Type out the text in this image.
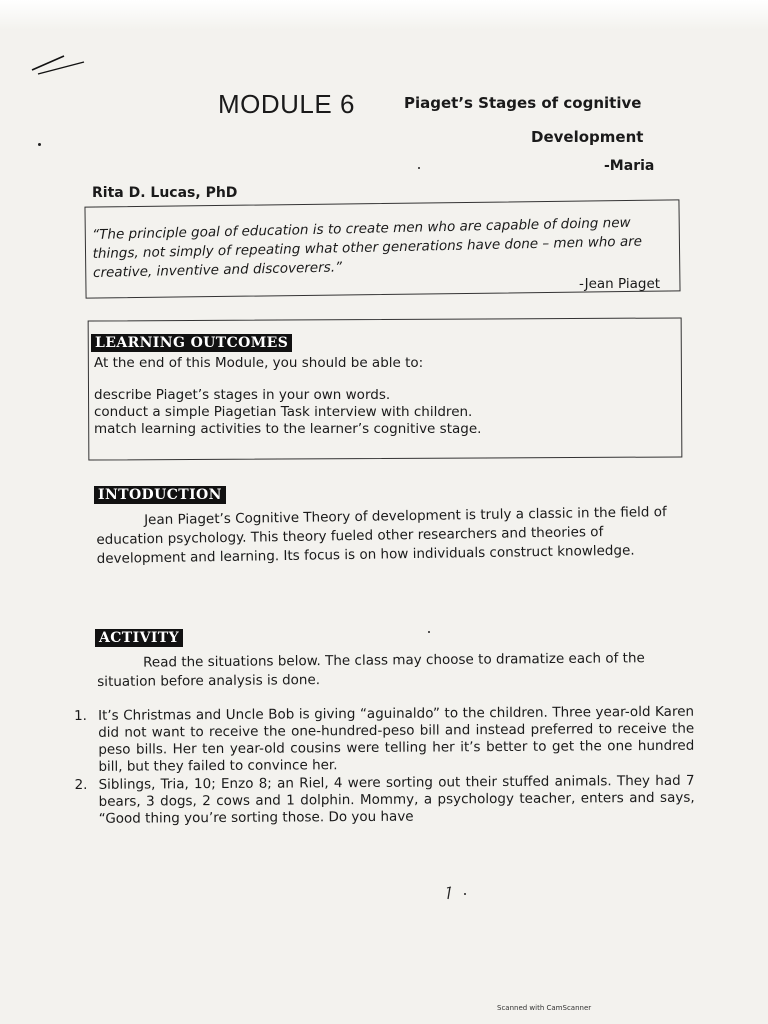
MODULE 6	Piaget’s Stages of cognitive
Development
-Maria
Rita D. Lucas, PhD
“The principle goal of education is to create men who are capable of doing new things, not simply of repeating what other generations have done – men who are creative, inventive and discoverers.”
-Jean Piaget
LEARNING OUTCOMES
At the end of this Module, you should be able to:
describe Piaget’s stages in your own words.
conduct a simple Piagetian Task interview with children.
match learning activities to the learner’s cognitive stage.
INTODUCTION
Jean Piaget’s Cognitive Theory of development is truly a classic in the field of education psychology. This theory fueled other researchers and theories of development and learning. Its focus is on how individuals construct knowledge.
ACTIVITY
Read the situations below. The class may choose to dramatize each of the situation before analysis is done.
1. It’s Christmas and Uncle Bob is giving “aguinaldo” to the children. Three year-old Karen did not want to receive the one-hundred-peso bill and instead preferred to receive the peso bills. Her ten year-old cousins were telling her it’s better to get the one hundred bill, but they failed to convince her.
2. Siblings, Tria, 10; Enzo 8; an Riel, 4 were sorting out their stuffed animals. They had 7 bears, 3 dogs, 2 cows and 1 dolphin. Mommy, a psychology teacher, enters and says, “Good thing you’re sorting those. Do you have
Scanned with CamScanner
